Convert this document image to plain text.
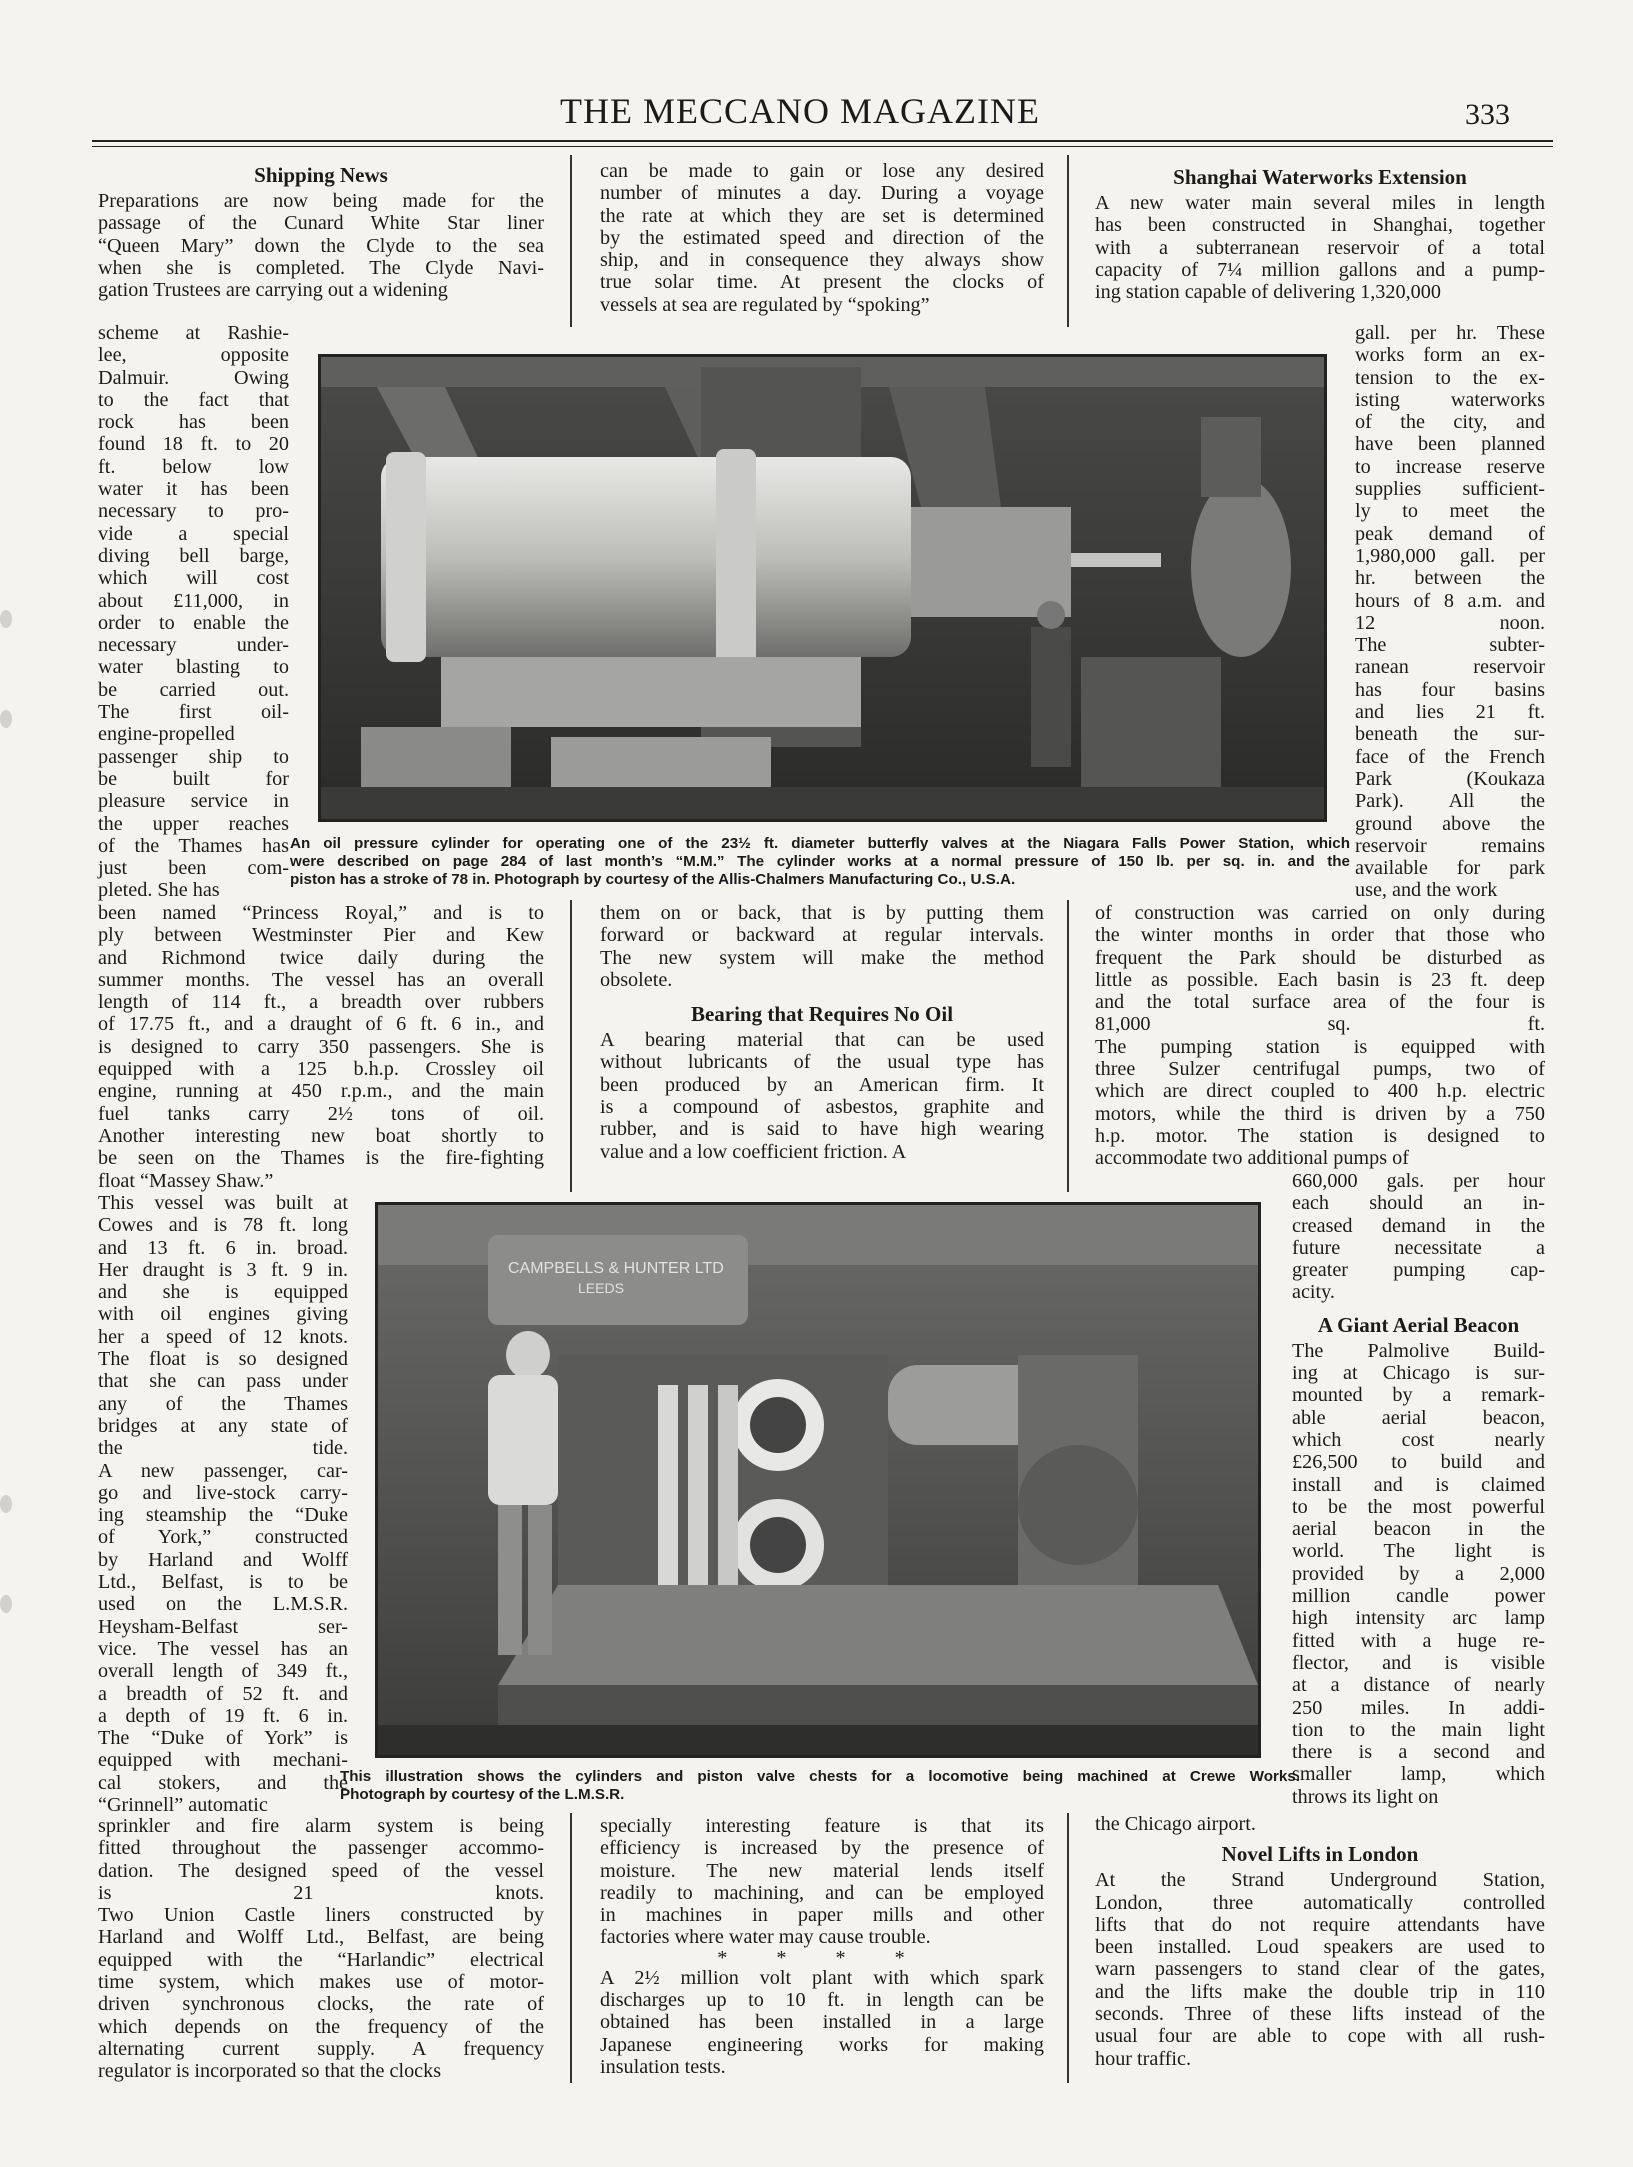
THE MECCANO MAGAZINE	333
Shipping News
Preparations are now being made for the
passage of the Cunard White Star liner
“Queen Mary” down the Clyde to the sea
when she is completed. The Clyde Navi-
gation Trustees are carrying out a widening
scheme at Rashie-
lee, opposite
Dalmuir. Owing
to the fact that
rock has been
found 18 ft. to 20
ft. below low
water it has been
necessary to pro-
vide a special
diving bell barge,
which will cost
about £11,000, in
order to enable the
necessary under-
water blasting to
be carried out.
The first oil-
engine-propelled
passenger ship to
be built for
pleasure service in
the upper reaches
of the Thames has
just been com-
pleted. She has
been named “Princess Royal,” and is to
ply between Westminster Pier and Kew
and Richmond twice daily during the
summer months. The vessel has an overall
length of 114 ft., a breadth over rubbers
of 17.75 ft., and a draught of 6 ft. 6 in., and
is designed to carry 350 passengers. She is
equipped with a 125 b.h.p. Crossley oil
engine, running at 450 r.p.m., and the main
fuel tanks carry 2½ tons of oil.
Another interesting new boat shortly to
be seen on the Thames is the fire-fighting
float “Massey Shaw.”
This vessel was built at
Cowes and is 78 ft. long
and 13 ft. 6 in. broad.
Her draught is 3 ft. 9 in.
and she is equipped
with oil engines giving
her a speed of 12 knots.
The float is so designed
that she can pass under
any of the Thames
bridges at any state of
the tide.
A new passenger, car-
go and live-stock carry-
ing steamship the “Duke
of York,” constructed
by Harland and Wolff
Ltd., Belfast, is to be
used on the L.M.S.R.
Heysham-Belfast ser-
vice. The vessel has an
overall length of 349 ft.,
a breadth of 52 ft. and
a depth of 19 ft. 6 in.
The “Duke of York” is
equipped with mechani-
cal stokers, and the
“Grinnell” automatic
sprinkler and fire alarm system is being
fitted throughout the passenger accommo-
dation. The designed speed of the vessel
is 21 knots.
Two Union Castle liners constructed by
Harland and Wolff Ltd., Belfast, are being
equipped with the “Harlandic” electrical
time system, which makes use of motor-
driven synchronous clocks, the rate of
which depends on the frequency of the
alternating current supply. A frequency
regulator is incorporated so that the clocks
can be made to gain or lose any desired
number of minutes a day. During a voyage
the rate at which they are set is determined
by the estimated speed and direction of the
ship, and in consequence they always show
true solar time. At present the clocks of
vessels at sea are regulated by “spoking”
them on or back, that is by putting them
forward or backward at regular intervals.
The new system will make the method
obsolete.
Bearing that Requires No Oil
A bearing material that can be used
without lubricants of the usual type has
been produced by an American firm. It
is a compound of asbestos, graphite and
rubber, and is said to have high wearing
value and a low coefficient friction. A
specially interesting feature is that its
efficiency is increased by the presence of
moisture. The new material lends itself
readily to machining, and can be employed
in machines in paper mills and other
factories where water may cause trouble.
* * * *
A 2½ million volt plant with which spark
discharges up to 10 ft. in length can be
obtained has been installed in a large
Japanese engineering works for making
insulation tests.
Shanghai Waterworks Extension
A new water main several miles in length
has been constructed in Shanghai, together
with a subterranean reservoir of a total
capacity of 7¼ million gallons and a pump-
ing station capable of delivering 1,320,000
gall. per hr. These
works form an ex-
tension to the ex-
isting waterworks
of the city, and
have been planned
to increase reserve
supplies sufficient-
ly to meet the
peak demand of
1,980,000 gall. per
hr. between the
hours of 8 a.m. and
12 noon.
The subter-
ranean reservoir
has four basins
and lies 21 ft.
beneath the sur-
face of the French
Park (Koukaza
Park). All the
ground above the
reservoir remains
available for park
use, and the work
of construction was carried on only during
the winter months in order that those who
frequent the Park should be disturbed as
little as possible. Each basin is 23 ft. deep
and the total surface area of the four is
81,000 sq. ft.
The pumping station is equipped with
three Sulzer centrifugal pumps, two of
which are direct coupled to 400 h.p. electric
motors, while the third is driven by a 750
h.p. motor. The station is designed to
accommodate two additional pumps of
660,000 gals. per hour
each should an in-
creased demand in the
future necessitate a
greater pumping cap-
acity.
A Giant Aerial Beacon
The Palmolive Build-
ing at Chicago is sur-
mounted by a remark-
able aerial beacon,
which cost nearly
£26,500 to build and
install and is claimed
to be the most powerful
aerial beacon in the
world. The light is
provided by a 2,000
million candle power
high intensity arc lamp
fitted with a huge re-
flector, and is visible
at a distance of nearly
250 miles. In addi-
tion to the main light
there is a second and
smaller lamp, which
throws its light on
the Chicago airport.
Novel Lifts in London
At the Strand Underground Station,
London, three automatically controlled
lifts that do not require attendants have
been installed. Loud speakers are used to
warn passengers to stand clear of the gates,
and the lifts make the double trip in 110
seconds. Three of these lifts instead of the
usual four are able to cope with all rush-
hour traffic.
An oil pressure cylinder for operating one of the 23½ ft. diameter butterfly valves at the Niagara Falls Power Station, which
were described on page 284 of last month’s “M.M.” The cylinder works at a normal pressure of 150 lb. per sq. in. and the
piston has a stroke of 78 in. Photograph by courtesy of the Allis-Chalmers Manufacturing Co., U.S.A.
CAMPBELLS & HUNTER LTD
LEEDS
This illustration shows the cylinders and piston valve chests for a locomotive being machined at Crewe Works.
Photograph by courtesy of the L.M.S.R.
